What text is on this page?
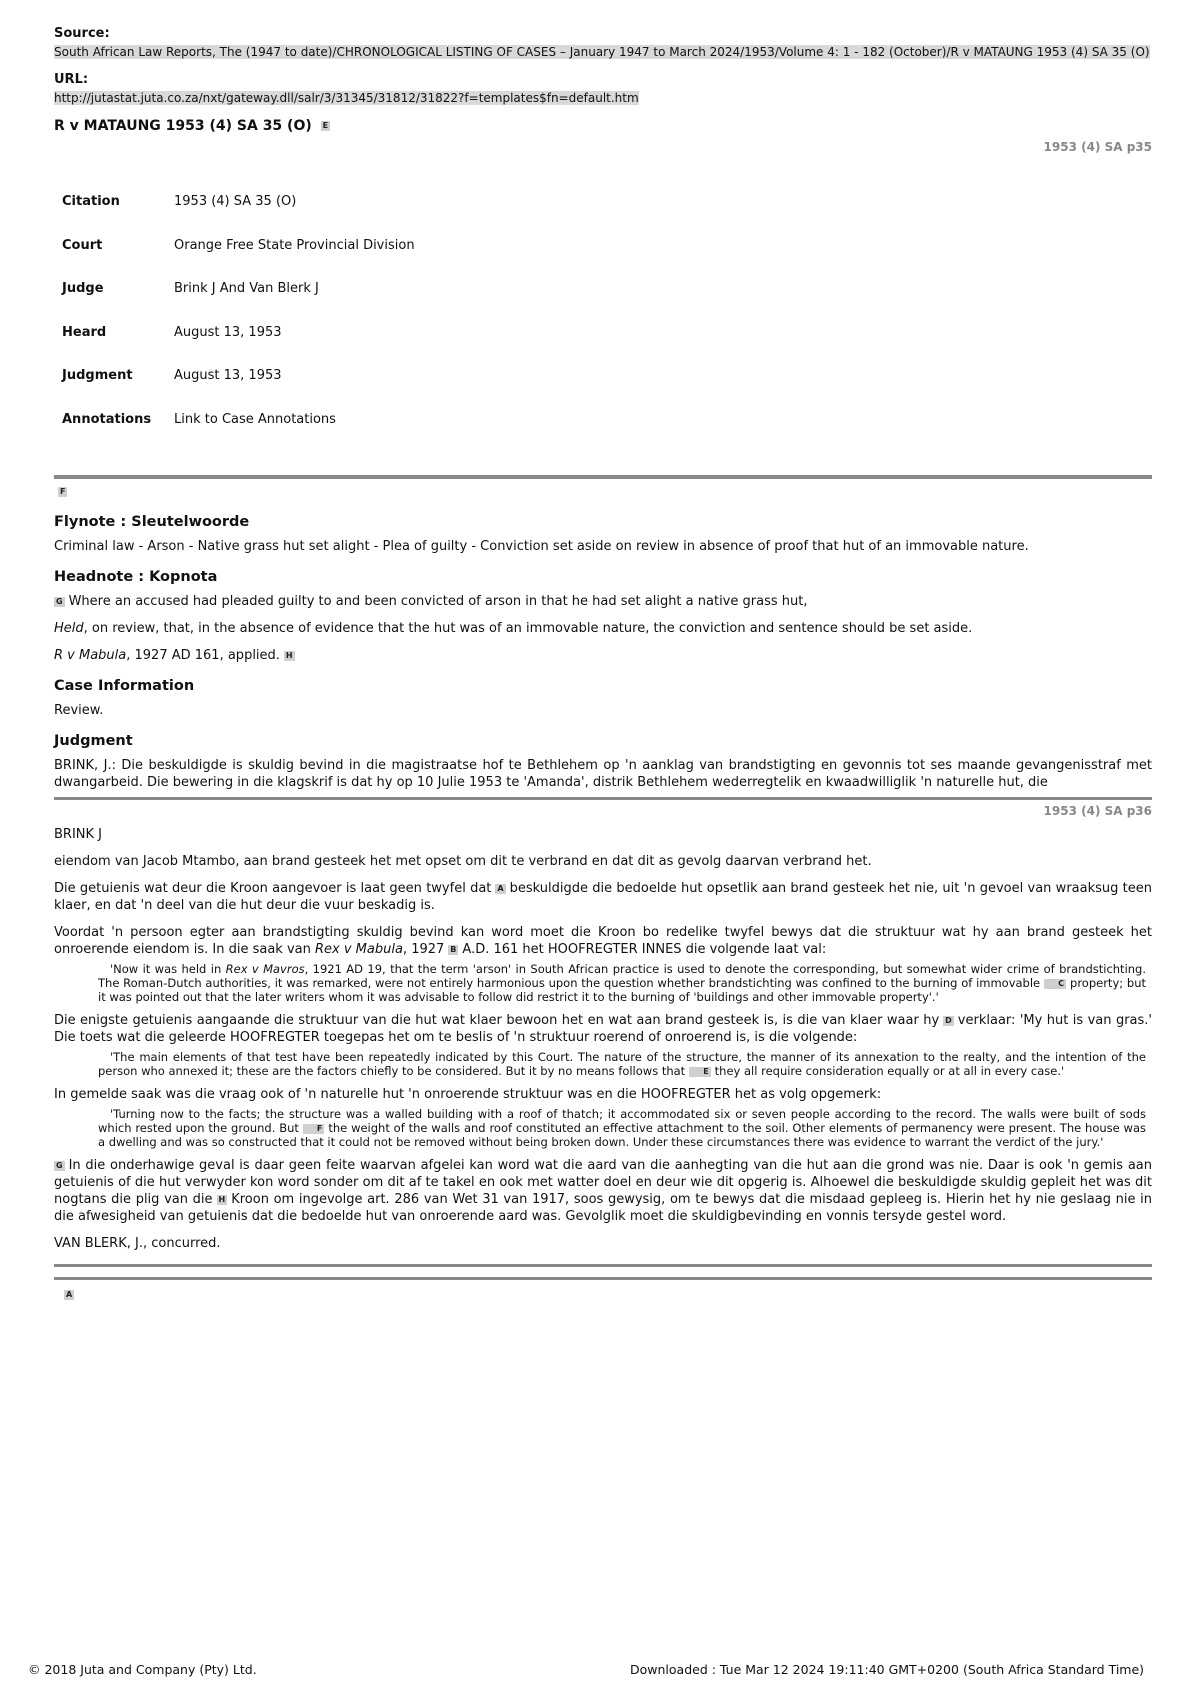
Source:
South African Law Reports, The (1947 to date)/CHRONOLOGICAL LISTING OF CASES – January 1947 to March 2024/1953/Volume 4: 1 - 182 (October)/R v MATAUNG 1953 (4) SA 35 (O)
URL:
http://jutastat.juta.co.za/nxt/gateway.dll/salr/3/31345/31812/31822?f=templates$fn=default.htm
R v MATAUNG 1953 (4) SA 35 (O) E
1953 (4) SA p35
Citation	1953 (4) SA 35 (O)
Court	Orange Free State Provincial Division
Judge	Brink J And Van Blerk J
Heard	August 13, 1953
Judgment	August 13, 1953
Annotations	Link to Case Annotations
F
Flynote : Sleutelwoorde

Criminal law - Arson - Native grass hut set alight - Plea of guilty - Conviction set aside on review in absence of proof that hut of an immovable nature.

Headnote : Kopnota

G Where an accused had pleaded guilty to and been convicted of arson in that he had set alight a native grass hut,

Held, on review, that, in the absence of evidence that the hut was of an immovable nature, the conviction and sentence should be set aside.

R v Mabula, 1927 AD 161, applied. H

Case Information

Review.

Judgment

BRINK, J.: Die beskuldigde is skuldig bevind in die magistraatse hof te Bethlehem op 'n aanklag van brandstigting en gevonnis tot ses maande gevangenisstraf met dwangarbeid. Die bewering in die klagskrif is dat hy op 10 Julie 1953 te 'Amanda', distrik Bethlehem wederregtelik en kwaadwilliglik 'n naturelle hut, die

1953 (4) SA p36

BRINK J

eiendom van Jacob Mtambo, aan brand gesteek het met opset om dit te verbrand en dat dit as gevolg daarvan verbrand het.

Die getuienis wat deur die Kroon aangevoer is laat geen twyfel dat A beskuldigde die bedoelde hut opsetlik aan brand gesteek het nie, uit 'n gevoel van wraaksug teen klaer, en dat 'n deel van die hut deur die vuur beskadig is.

Voordat 'n persoon egter aan brandstigting skuldig bevind kan word moet die Kroon bo redelike twyfel bewys dat die struktuur wat hy aan brand gesteek het onroerende eiendom is. In die saak van Rex v Mabula, 1927 B A.D. 161 het HOOFREGTER INNES die volgende laat val:

'Now it was held in Rex v Mavros, 1921 AD 19, that the term 'arson' in South African practice is used to denote the corresponding, but somewhat wider crime of brandstichting. The Roman-Dutch authorities, it was remarked, were not entirely harmonious upon the question whether brandstichting was confined to the burning of immovable C property; but it was pointed out that the later writers whom it was advisable to follow did restrict it to the burning of 'buildings and other immovable property'.'

Die enigste getuienis aangaande die struktuur van die hut wat klaer bewoon het en wat aan brand gesteek is, is die van klaer waar hy D verklaar: 'My hut is van gras.' Die toets wat die geleerde HOOFREGTER toegepas het om te beslis of 'n struktuur roerend of onroerend is, is die volgende:

'The main elements of that test have been repeatedly indicated by this Court. The nature of the structure, the manner of its annexation to the realty, and the intention of the person who annexed it; these are the factors chiefly to be considered. But it by no means follows that E they all require consideration equally or at all in every case.'

In gemelde saak was die vraag ook of 'n naturelle hut 'n onroerende struktuur was en die HOOFREGTER het as volg opgemerk:

'Turning now to the facts; the structure was a walled building with a roof of thatch; it accommodated six or seven people according to the record. The walls were built of sods which rested upon the ground. But F the weight of the walls and roof constituted an effective attachment to the soil. Other elements of permanency were present. The house was a dwelling and was so constructed that it could not be removed without being broken down. Under these circumstances there was evidence to warrant the verdict of the jury.'

G In die onderhawige geval is daar geen feite waarvan afgelei kan word wat die aard van die aanhegting van die hut aan die grond was nie. Daar is ook 'n gemis aan getuienis of die hut verwyder kon word sonder om dit af te takel en ook met watter doel en deur wie dit opgerig is. Alhoewel die beskuldigde skuldig gepleit het was dit nogtans die plig van die H Kroon om ingevolge art. 286 van Wet 31 van 1917, soos gewysig, om te bewys dat die misdaad gepleeg is. Hierin het hy nie geslaag nie in die afwesigheid van getuienis dat die bedoelde hut van onroerende aard was. Gevolglik moet die skuldigbevinding en vonnis tersyde gestel word.

VAN BLERK, J., concurred.

A
© 2018 Juta and Company (Pty) Ltd.	Downloaded : Tue Mar 12 2024 19:11:40 GMT+0200 (South Africa Standard Time)
